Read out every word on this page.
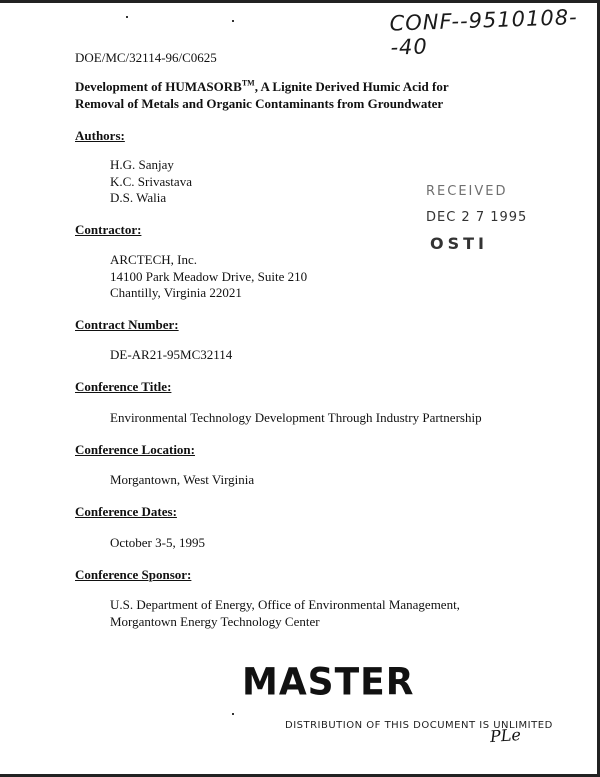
CONF--9510108--40
DOE/MC/32114-96/C0625
Development of HUMASORB™, A Lignite Derived Humic Acid for
Removal of Metals and Organic Contaminants from Groundwater
Authors:
H.G. Sanjay
K.C. Srivastava
D.S. Walia	RECEIVED
DEC 2 7 1995
OSTI
Contractor:
ARCTECH, Inc.
14100 Park Meadow Drive, Suite 210
Chantilly, Virginia 22021
Contract Number:
DE-AR21-95MC32114
Conference Title:
Environmental Technology Development Through Industry Partnership
Conference Location:
Morgantown, West Virginia
Conference Dates:
October 3-5, 1995
Conference Sponsor:
U.S. Department of Energy, Office of Environmental Management,
Morgantown Energy Technology Center
MASTER
DISTRIBUTION OF THIS DOCUMENT IS UNLIMITED
PLe
